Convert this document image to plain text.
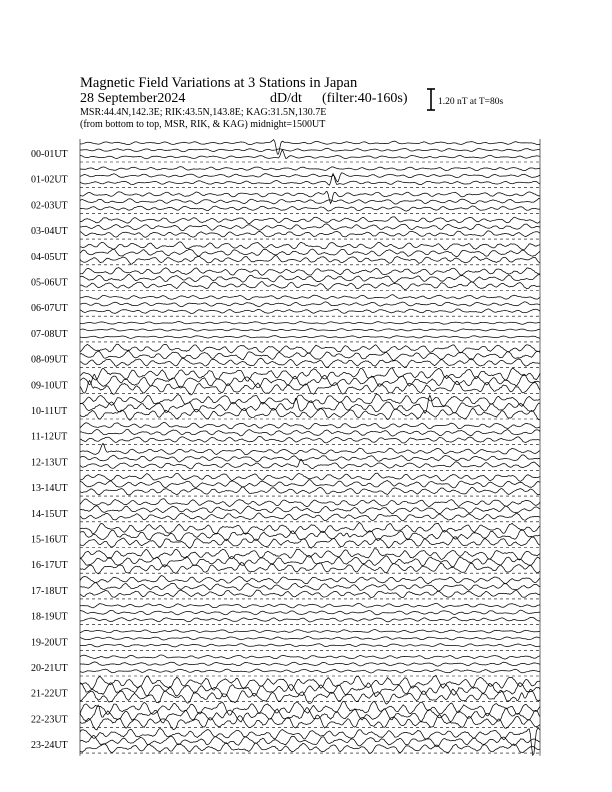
Magnetic Field Variations at 3 Stations in Japan
28 September2024	dD/dt (filter:40-160s)
MSR:44.4N,142.3E; RIK:43.5N,143.8E; KAG:31.5N,130.7E
(from bottom to top, MSR, RIK, & KAG) midnight=1500UT
1.20 nT at T=80s
00-01UT
01-02UT
02-03UT
03-04UT
04-05UT
05-06UT
06-07UT
07-08UT
08-09UT
09-10UT
10-11UT
11-12UT
12-13UT
13-14UT
14-15UT
15-16UT
16-17UT
17-18UT
18-19UT
19-20UT
20-21UT
21-22UT
22-23UT
23-24UT
